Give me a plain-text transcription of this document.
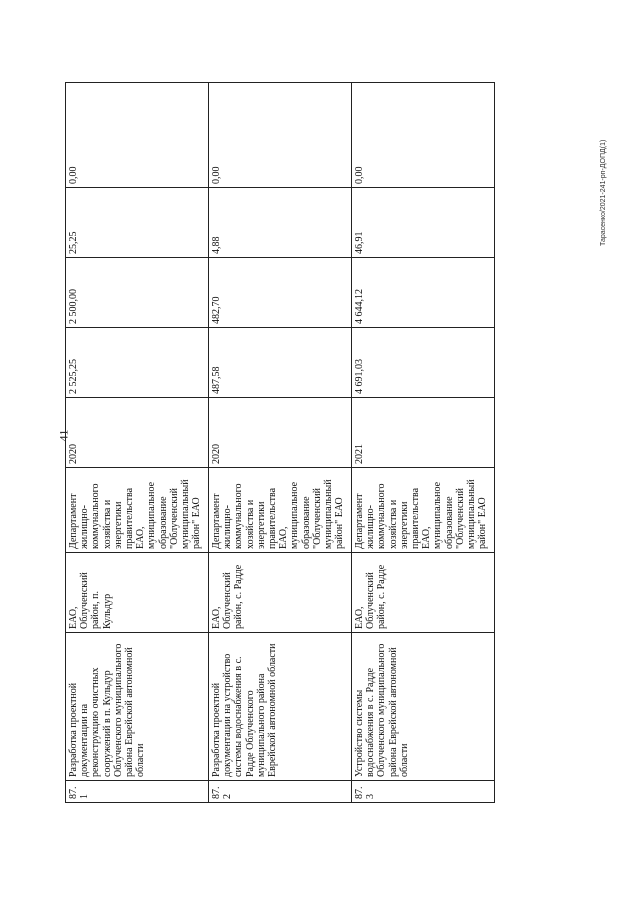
41
Тарасенко/2021-241-рп-ДОПД(1)
87.1	Разработка проектной документации на реконструкцию очистных сооружений в п. Кульдур Облученского муниципального района Еврейской автономной области	ЕАО, Облученский район, п. Кульдур	Департамент жилищно-коммунального хозяйства и энергетики правительства ЕАО, муниципальное образование "Облученский муниципальный район" ЕАО	2020	2 525,25	2 500,00	25,25	0,00
87.2	Разработка проектной документации на устройство системы водоснабжения в с. Радде Облученского муниципального района Еврейской автономной области	ЕАО, Облученский район, с. Радде	Департамент жилищно-коммунального хозяйства и энергетики правительства ЕАО, муниципальное образование "Облученский муниципальный район" ЕАО	2020	487,58	482,70	4,88	0,00
87.3	Устройство системы водоснабжения в с. Радде Облученского муниципального района Еврейской автономной области	ЕАО, Облученский район, с. Радде	Департамент жилищно-коммунального хозяйства и энергетики правительства ЕАО, муниципальное образование "Облученский муниципальный район" ЕАО	2021	4 691,03	4 644,12	46,91	0,00
